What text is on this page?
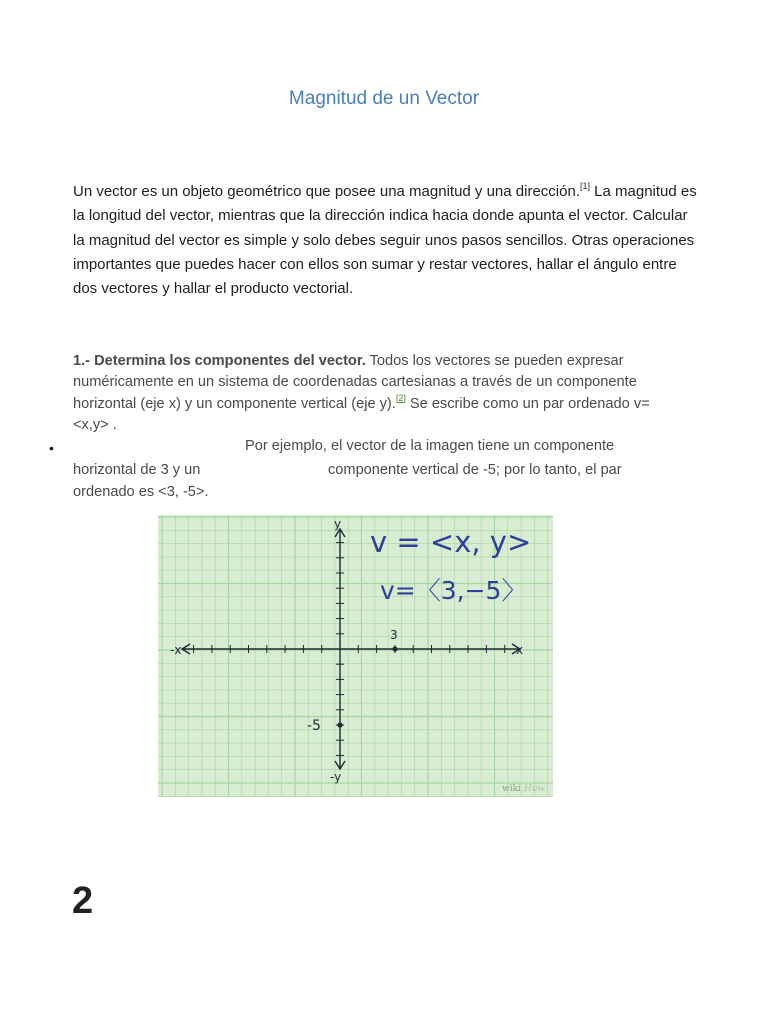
Magnitud de un Vector
Un vector es un objeto geométrico que posee una magnitud y una dirección.[1] La magnitud es la longitud del vector, mientras que la dirección indica hacia donde apunta el vector. Calcular la magnitud del vector es simple y solo debes seguir unos pasos sencillos. Otras operaciones importantes que puedes hacer con ellos son sumar y restar vectores, hallar el ángulo entre dos vectores y hallar el producto vectorial.
1.- Determina los componentes del vector. Todos los vectores se pueden expresar numéricamente en un sistema de coordenadas cartesianas a través de un componente horizontal (eje x) y un componente vertical (eje y).[2] Se escribe como un par ordenado v=<x,y> .
•	Por ejemplo, el vector de la imagen tiene un componente
horizontal de 3 y un	componente vertical de -5; por lo tanto, el par
ordenado es <3, -5>.
v = <x, y>
v=〈3,−5〉
x
-x
y
-y
3
-5
wiki How
2
